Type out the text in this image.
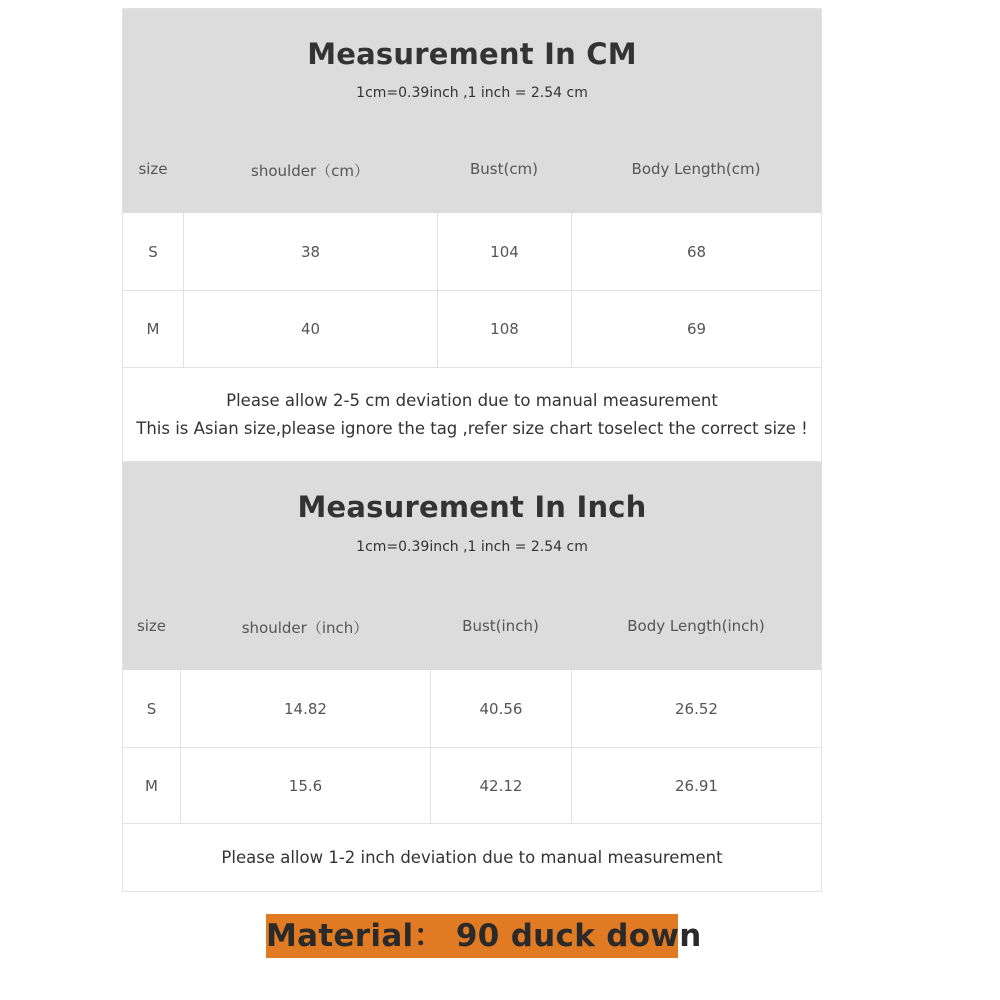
Measurement In CM
1cm=0.39inch ,1 inch = 2.54 cm
size	shoulder（cm）	Bust(cm)	Body Length(cm)
S	38	104	68
M	40	108	69
Please allow 2-5 cm deviation due to manual measurement
This is Asian size,please ignore the tag ,refer size chart toselect the correct size !
Measurement In Inch
1cm=0.39inch ,1 inch = 2.54 cm
size	shoulder（inch）	Bust(inch)	Body Length(inch)
S	14.82	40.56	26.52
M	15.6	42.12	26.91
Please allow 1-2 inch deviation due to manual measurement
Material： 90 duck down
